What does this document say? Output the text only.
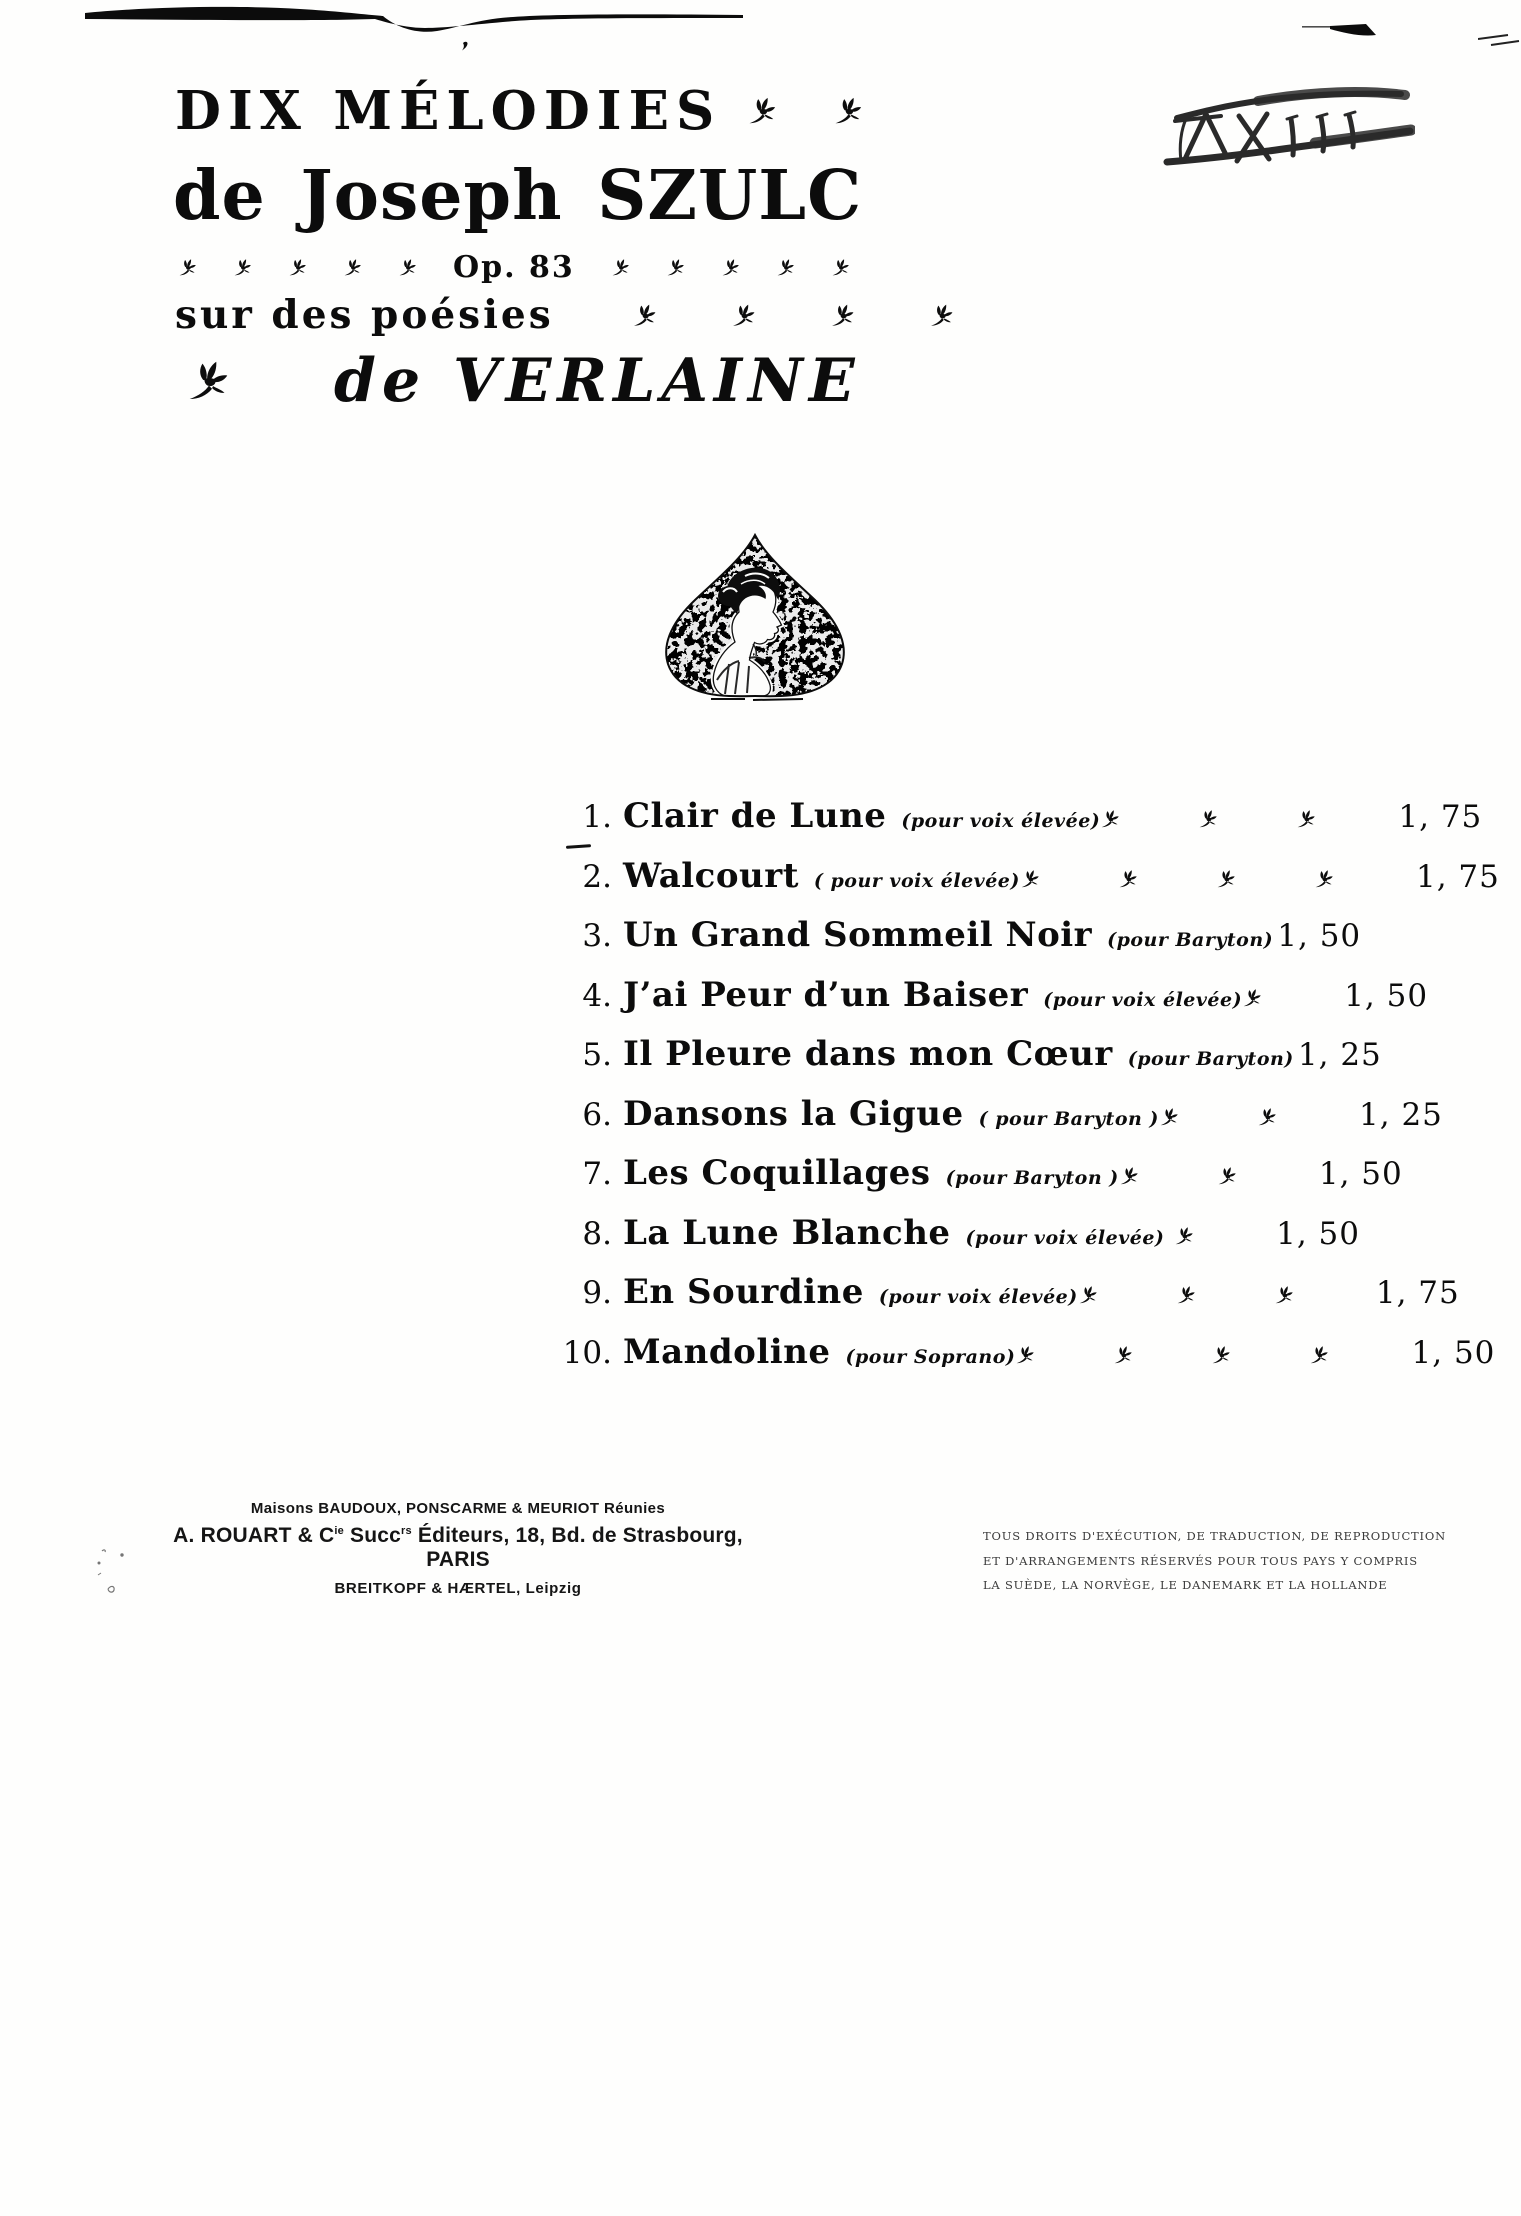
DIX MÉLODIES
de Joseph SZULC
Op. 83
sur des poésies
de VERLAINE
1. Clair de Lune (pour voix élevée)	1, 75
2. Walcourt ( pour voix élevée)	1, 75
3. Un Grand Sommeil Noir (pour Baryton) 1, 50
4. J’ai Peur d’un Baiser (pour voix élevée)	1, 50
5. Il Pleure dans mon Cœur (pour Baryton) 1, 25
6. Dansons la Gigue ( pour Baryton )	1, 25
7. Les Coquillages (pour Baryton )	1, 50
8. La Lune Blanche (pour voix élevée)	1, 50
9. En Sourdine (pour voix élevée)	1, 75
10. Mandoline (pour Soprano)	1, 50
Maisons BAUDOUX, PONSCARME & MEURIOT Réunies
A. ROUART & $C^{ie}$ Succ$^{rs}$ Éditeurs, 18, Bd. de Strasbourg, PARIS
BREITKOPF & HÆRTEL, Leipzig
TOUS DROITS D'EXÉCUTION, DE TRADUCTION, DE REPRODUCTION
ET D'ARRANGEMENTS RÉSERVÉS POUR TOUS PAYS Y COMPRIS
LA SUÈDE, LA NORVÈGE, LE DANEMARK ET LA HOLLANDE
